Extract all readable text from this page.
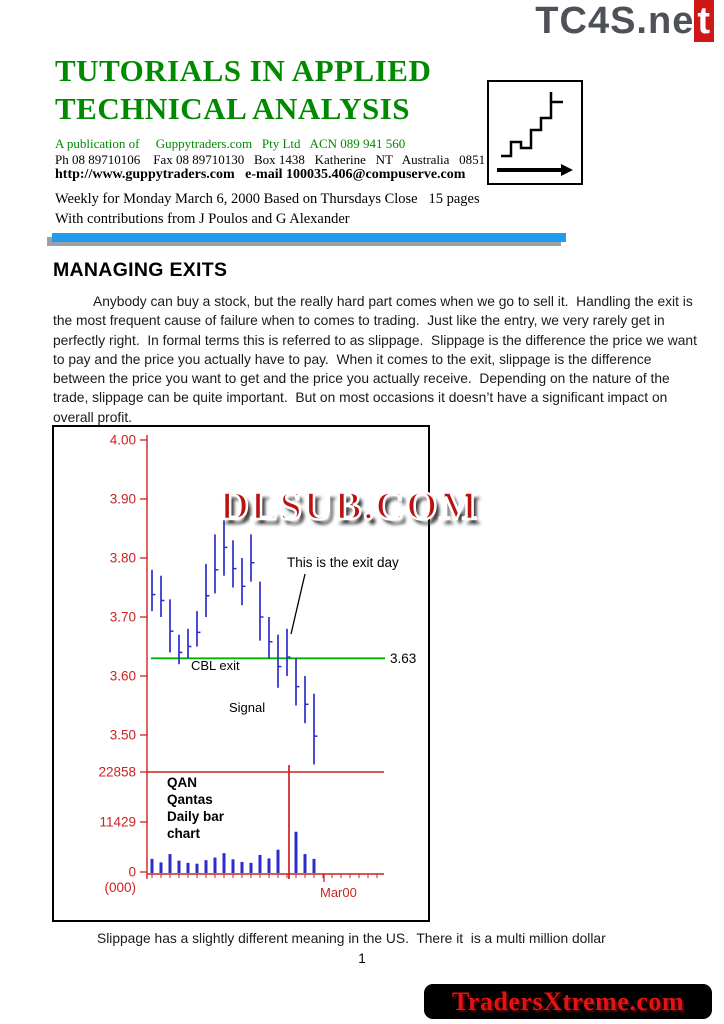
TC4S.net
TUTORIALS IN APPLIED
TECHNICAL ANALYSIS
A publication of     Guppytraders.com   Pty Ltd   ACN 089 941 560
Ph 08 89710106    Fax 08 89710130   Box 1438   Katherine   NT   Australia   0851
http://www.guppytraders.com   e-mail 100035.406@compuserve.com
Weekly for Monday March 6, 2000 Based on Thursdays Close   15 pages
With contributions from J Poulos and G Alexander
MANAGING EXITS

Anybody can buy a stock, but the really hard part comes when we go to sell it.  Handling the exit is the most frequent cause of failure when to comes to trading.  Just like the entry, we very rarely get in perfectly right.  In formal terms this is referred to as slippage.  Slippage is the difference the price we want to pay and the price you actually have to pay.  When it comes to the exit, slippage is the difference between the price you want to get and the price you actually receive.  Depending on the nature of the trade, slippage can be quite important.  But on most occasions it doesn’t have a significant impact on overall profit.

4.00
3.90
3.80
3.70
3.60
3.50
22858
11429
0
(000)
3.63
This is the exit day
CBL exit
Signal
QAN
Qantas
Daily bar
chart
Mar00
DLSUB.COM
Slippage has a slightly different meaning in the US.  There it  is a multi million dollar
1
TradersXtreme.com
